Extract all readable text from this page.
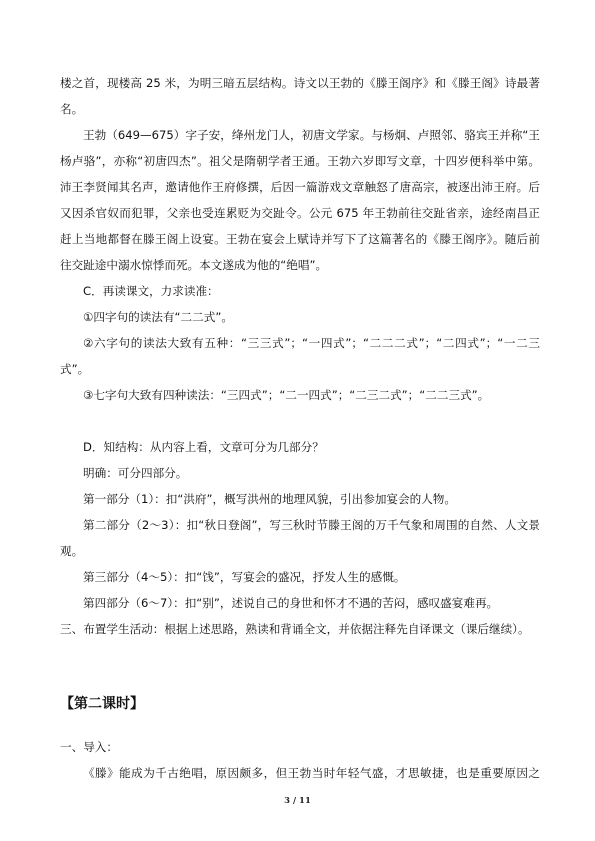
楼之首，现楼高 25 米，为明三暗五层结构。诗文以王勃的《滕王阁序》和《滕王阁》诗最著名。
王勃（649—675）字子安，绛州龙门人，初唐文学家。与杨炯、卢照邻、骆宾王并称“王杨卢骆”，亦称“初唐四杰”。祖父是隋朝学者王通。王勃六岁即写文章，十四岁便科举中第。沛王李贤闻其名声，邀请他作王府修撰，后因一篇游戏文章触怒了唐高宗，被逐出沛王府。后又因杀官奴而犯罪，父亲也受连累贬为交趾令。公元 675 年王勃前往交趾省亲，途经南昌正赶上当地都督在滕王阁上设宴。王勃在宴会上赋诗并写下了这篇著名的《滕王阁序》。随后前往交趾途中溺水惊悸而死。本文遂成为他的“绝唱”。
C．再读课文，力求读准：
①四字句的读法有“二二式”。
②六字句的读法大致有五种：“三三式”；“一四式”；“二二二式”；“二四式”；“一二三式”。
③七字句大致有四种读法：“三四式”；“二一四式”；“二三二式”；“二二三式”。
D．知结构：从内容上看，文章可分为几部分？
明确：可分四部分。
第一部分（1）：扣“洪府”，概写洪州的地理风貌，引出参加宴会的人物。
第二部分（2～3）：扣“秋日登阁”，写三秋时节滕王阁的万千气象和周围的自然、人文景观。
第三部分（4～5）：扣“饯”，写宴会的盛况，抒发人生的感慨。
第四部分（6～7）：扣“别”，述说自己的身世和怀才不遇的苦闷，感叹盛宴难再。
三、布置学生活动：根据上述思路，熟读和背诵全文，并依据注释先自译课文（课后继续）。
【第二课时】
一、导入：
《滕》能成为千古绝唱，原因颇多，但王勃当时年轻气盛，才思敏捷，也是重要原因之
3 / 11
